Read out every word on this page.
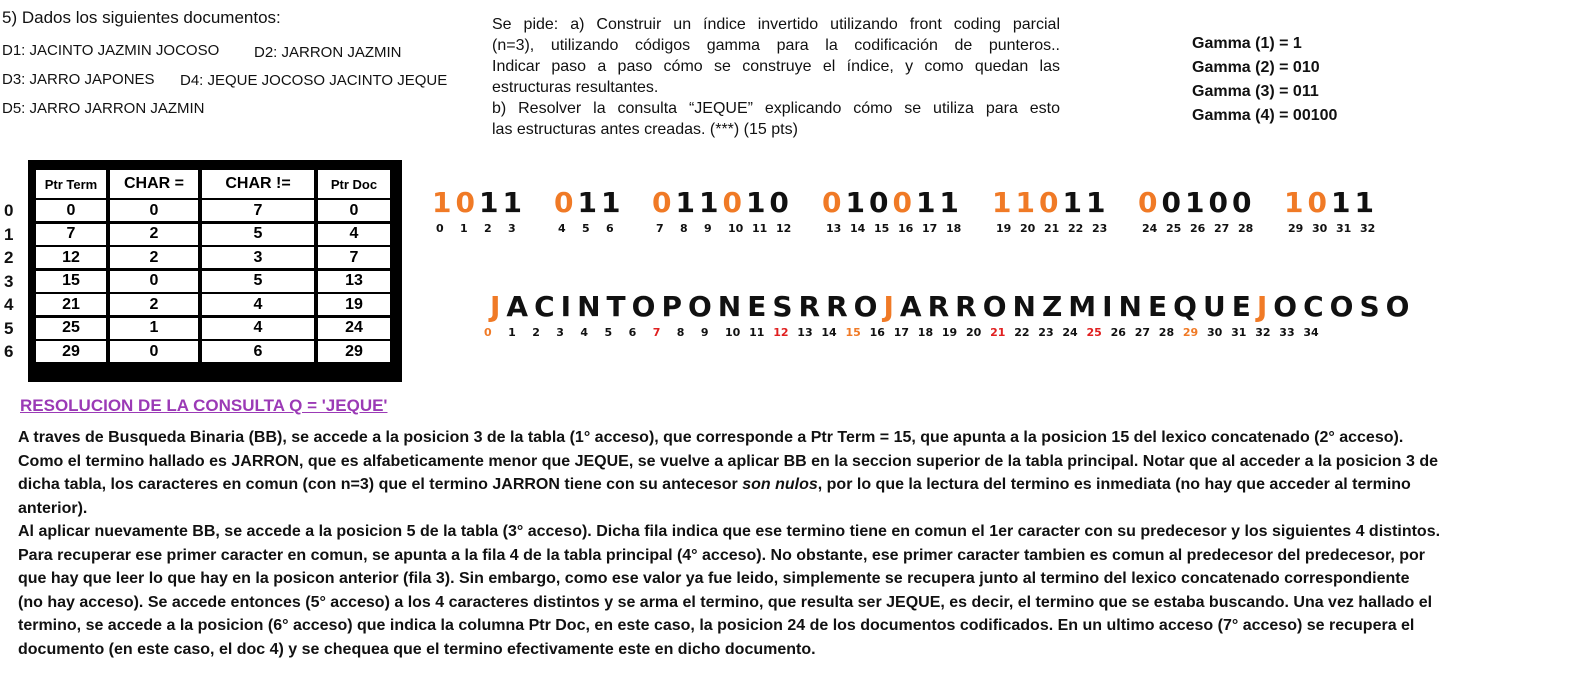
5) Dados los siguientes documentos:
D1: JACINTO JAZMIN JOCOSO D2: JARRON JAZMIN
D3: JARRO JAPONES D4: JEQUE JOCOSO JACINTO JEQUE
D5: JARRO JARRON JAZMIN
Se pide: a) Construir un índice invertido utilizando front coding parcial
(n=3), utilizando códigos gamma para la codificación de punteros..
Indicar paso a paso cómo se construye el índice, y como quedan las
estructuras resultantes.
b) Resolver la consulta “JEQUE” explicando cómo se utiliza para esto
las estructuras antes creadas. (***) (15 pts)
Gamma (1) = 1
Gamma (2) = 010
Gamma (3) = 011
Gamma (4) = 00100
0
1
2
3
4
5
6
Ptr Term	CHAR =	CHAR !=	Ptr Doc
0	0	7	0
7	2	5	4
12	2	3	7
15	0	5	13
21	2	4	19
25	1	4	24
29	0	6	29
1011
0 1 2 3
011
4 5 6
011010
7 8 9 10 11 12
010011
13 14 15 16 17 18
11011
19 20 21 22 23
00100
24 25 26 27 28
1011
29 30 31 32
JACINTOPONESRROJARRONZMINEQUEJOCOSO
0 1 2 3 4 5 6 7 8 9 10 11 12 13 14 15 16 17 18 19 20 21 22 23 24 25 26 27 28 29 30 31 32 33 34
RESOLUCION DE LA CONSULTA Q = 'JEQUE'
A traves de Busqueda Binaria (BB), se accede a la posicion 3 de la tabla (1° acceso), que corresponde a Ptr Term = 15, que apunta a la posicion 15 del lexico concatenado (2° acceso).
Como el termino hallado es JARRON, que es alfabeticamente menor que JEQUE, se vuelve a aplicar BB en la seccion superior de la tabla principal. Notar que al acceder a la posicion 3 de
dicha tabla, los caracteres en comun (con n=3) que el termino JARRON tiene con su antecesor son nulos, por lo que la lectura del termino es inmediata (no hay que acceder al termino
anterior).
Al aplicar nuevamente BB, se accede a la posicion 5 de la tabla (3° acceso). Dicha fila indica que ese termino tiene en comun el 1er caracter con su predecesor y los siguientes 4 distintos.
Para recuperar ese primer caracter en comun, se apunta a la fila 4 de la tabla principal (4° acceso). No obstante, ese primer caracter tambien es comun al predecesor del predecesor, por
que hay que leer lo que hay en la posicon anterior (fila 3). Sin embargo, como ese valor ya fue leido, simplemente se recupera junto al termino del lexico concatenado correspondiente
(no hay acceso). Se accede entonces (5° acceso) a los 4 caracteres distintos y se arma el termino, que resulta ser JEQUE, es decir, el termino que se estaba buscando. Una vez hallado el
termino, se accede a la posicion (6° acceso) que indica la columna Ptr Doc, en este caso, la posicion 24 de los documentos codificados. En un ultimo acceso (7° acceso) se recupera el
documento (en este caso, el doc 4) y se chequea que el termino efectivamente este en dicho documento.
